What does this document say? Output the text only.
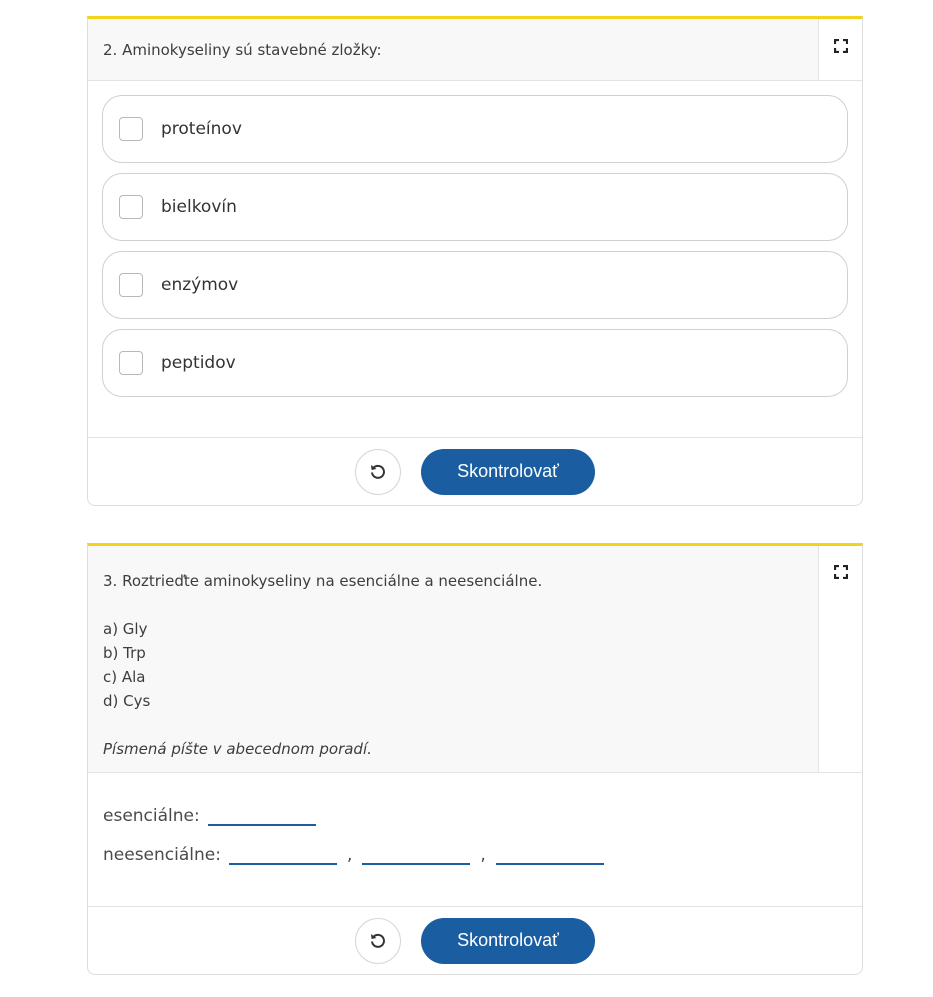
2. Aminokyseliny sú stavebné zložky:
proteínov
bielkovín
enzýmov
peptidov
Skontrolovať
3. Roztrieďte aminokyseliny na esenciálne a neesenciálne.

a) Gly
b) Trp
c) Ala
d) Cys

Písmená píšte v abecednom poradí.
esenciálne:
neesenciálne:	,	,
Skontrolovať
